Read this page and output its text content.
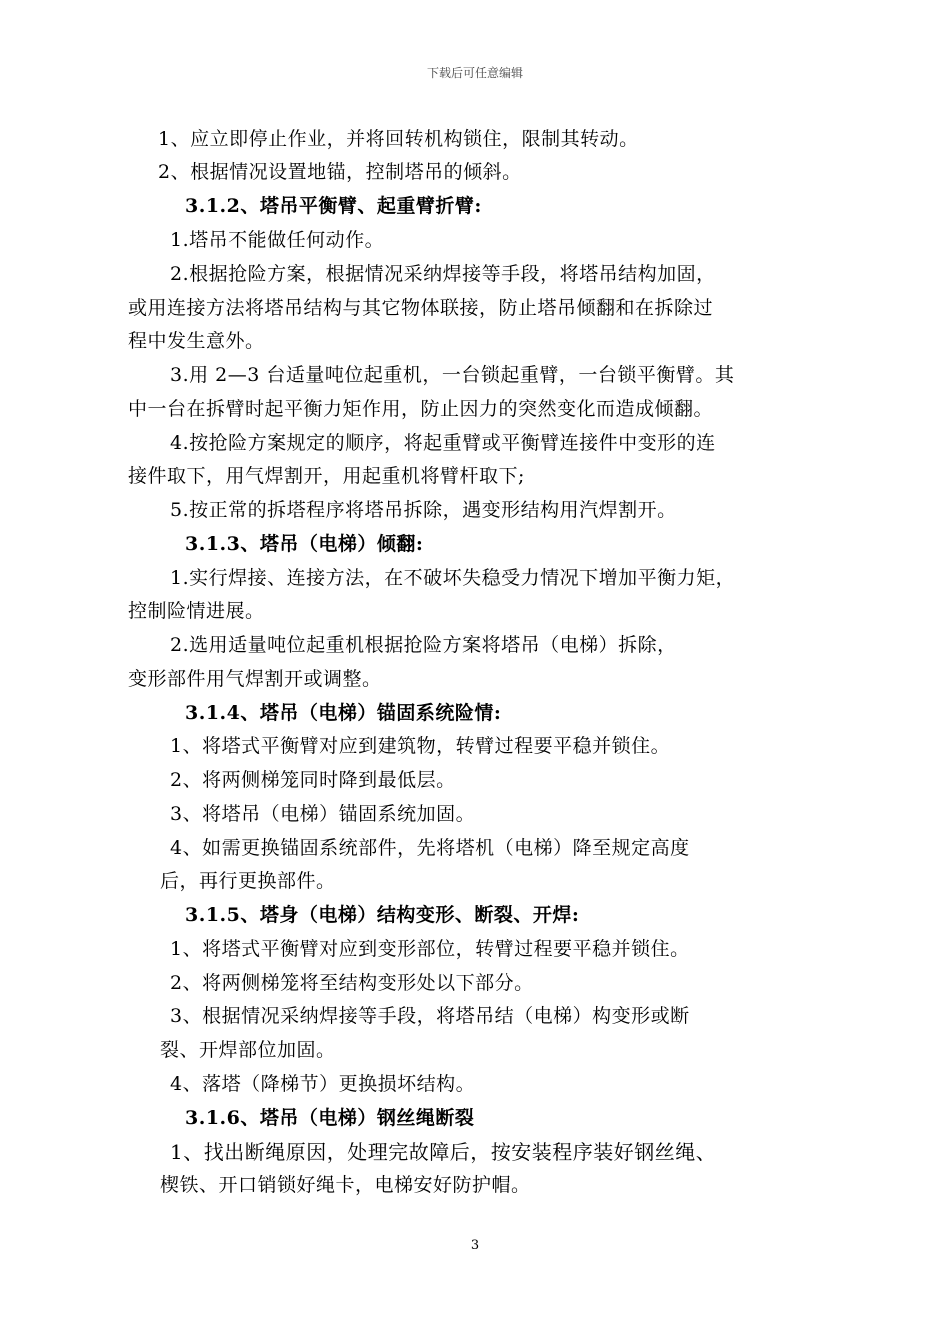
下载后可任意编辑
1、应立即停止作业，并将回转机构锁住，限制其转动。
2、根据情况设置地锚，控制塔吊的倾斜。
3.1.2、塔吊平衡臂、起重臂折臂:
1.塔吊不能做任何动作。
2.根据抢险方案，根据情况采纳焊接等手段，将塔吊结构加固，
或用连接方法将塔吊结构与其它物体联接，防止塔吊倾翻和在拆除过
程中发生意外。
3.用 2—3 台适量吨位起重机，一台锁起重臂，一台锁平衡臂。其
中一台在拆臂时起平衡力矩作用，防止因力的突然变化而造成倾翻。
4.按抢险方案规定的顺序，将起重臂或平衡臂连接件中变形的连
接件取下，用气焊割开，用起重机将臂杆取下;
5.按正常的拆塔程序将塔吊拆除，遇变形结构用汽焊割开。
3.1.3、塔吊（电梯）倾翻:
1.实行焊接、连接方法，在不破坏失稳受力情况下增加平衡力矩，
控制险情进展。
2.选用适量吨位起重机根据抢险方案将塔吊（电梯）拆除，
变形部件用气焊割开或调整。
3.1.4、塔吊（电梯）锚固系统险情:
1、将塔式平衡臂对应到建筑物，转臂过程要平稳并锁住。
2、将两侧梯笼同时降到最低层。
3、将塔吊（电梯）锚固系统加固。
4、如需更换锚固系统部件，先将塔机（电梯）降至规定高度
后，再行更换部件。
3.1.5、塔身（电梯）结构变形、断裂、开焊:
1、将塔式平衡臂对应到变形部位，转臂过程要平稳并锁住。
2、将两侧梯笼将至结构变形处以下部分。
3、根据情况采纳焊接等手段，将塔吊结（电梯）构变形或断
裂、开焊部位加固。
4、落塔（降梯节）更换损坏结构。
3.1.6、塔吊（电梯）钢丝绳断裂
1、找出断绳原因，处理完故障后，按安装程序装好钢丝绳、
楔铁、开口销锁好绳卡，电梯安好防护帽。
3
